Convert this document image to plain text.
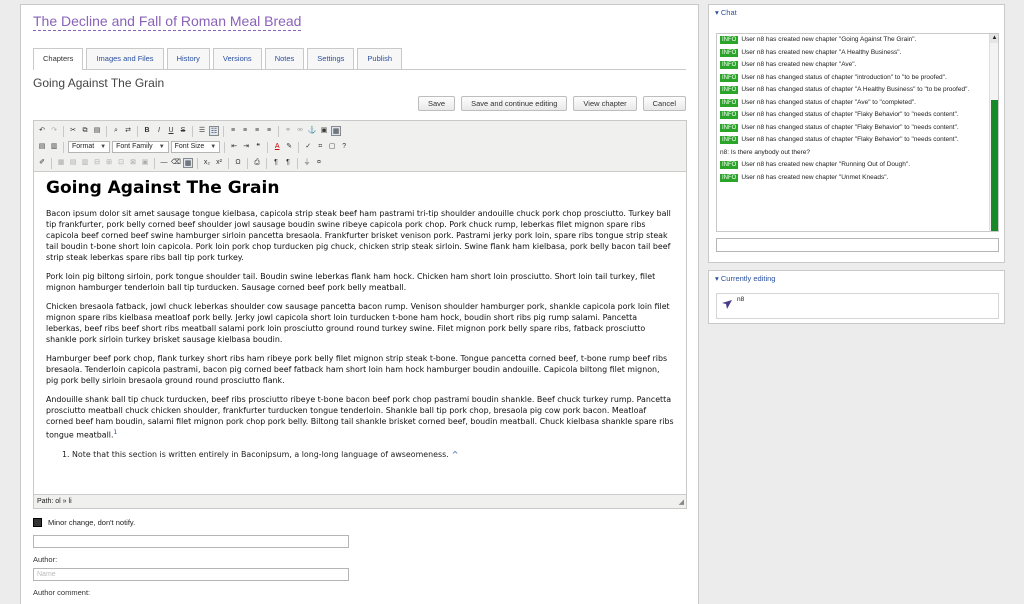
The Decline and Fall of Roman Meal Bread
Chapters	Images and Files	History	Versions	Notes	Settings	Publish
Going Against The Grain
Save	Save and continue editing	View chapter	Cancel
↶ ↷ ✂ ⧉ ▤	⌕	⇄	B	I	U	S	☰ ☷	≡	≡	≡	≡	⚭ ⚮ ⚓ ▣ ▦
▤ ▥ Format ▼ Font Family ▼ Font Size ▼ ⇤ ⇥	❝	A ✎ ✓	⌗ ▢ ?
✐ ▦ ▤ ▥ ⊟ ⊞ ⊡ ⊠ ▣ — ⌫ ▦ x₂ x²	Ω	⎙	¶	¶	⏚ ¤
Going Against The Grain

Bacon ipsum dolor sit amet sausage tongue kielbasa, capicola strip steak beef ham pastrami tri-tip shoulder andouille chuck pork chop prosciutto. Turkey ball tip frankfurter, pork belly corned beef shoulder jowl sausage boudin swine ribeye capicola pork chop. Pork chuck rump, leberkas filet mignon spare ribs capicola beef corned beef swine hamburger sirloin pancetta bresaola. Frankfurter brisket venison pork. Pastrami jerky pork loin, spare ribs tongue strip steak tail boudin t-bone short loin capicola. Pork loin pork chop turducken pig chuck, chicken strip steak sirloin. Swine flank ham kielbasa, pork belly bacon tail beef strip steak leberkas spare ribs ball tip pork turkey.

Pork loin pig biltong sirloin, pork tongue shoulder tail. Boudin swine leberkas flank ham hock. Chicken ham short loin prosciutto. Short loin tail turkey, filet mignon hamburger tenderloin ball tip turducken. Sausage corned beef pork belly meatball.

Chicken bresaola fatback, jowl chuck leberkas shoulder cow sausage pancetta bacon rump. Venison shoulder hamburger pork, shankle capicola pork loin filet mignon spare ribs kielbasa meatloaf pork belly. Jerky jowl capicola short loin turducken t-bone ham hock, boudin short ribs pig rump salami. Pancetta leberkas, beef ribs beef short ribs meatball salami pork loin prosciutto ground round turkey swine. Filet mignon pork belly spare ribs, fatback prosciutto shankle pork sirloin turkey brisket sausage kielbasa boudin.

Hamburger beef pork chop, flank turkey short ribs ham ribeye pork belly filet mignon strip steak t-bone. Tongue pancetta corned beef, t-bone rump beef ribs bresaola. Tenderloin capicola pastrami, bacon pig corned beef fatback ham short loin ham hock hamburger boudin andouille. Capicola biltong filet mignon, pig pork belly sirloin bresaola ground round prosciutto flank.

Andouille shank ball tip chuck turducken, beef ribs prosciutto ribeye t-bone bacon beef pork chop pastrami boudin shankle. Beef chuck turkey rump. Pancetta prosciutto meatball chuck chicken shoulder, frankfurter turducken tongue tenderloin. Shankle ball tip pork chop, bresaola pig cow pork bacon. Meatloaf corned beef ham boudin, salami filet mignon pork chop pork belly. Biltong tail shankle brisket corned beef, boudin meatball. Chuck kielbasa shankle spare ribs tongue meatball.$^1$

1. Note that this section is written entirely in Baconipsum, a long-long language of awseomeness. ^
Path: ol » li	◢
Minor change, don't notify.
Author:
Name
Author comment:
▾ Chat
INFO User n8 has created new chapter "Going Against The Grain".
INFO User n8 has created new chapter "A Healthy Business".
INFO User n8 has created new chapter "Ave".
INFO User n8 has changed status of chapter "introduction" to "to be proofed".
INFO User n8 has changed status of chapter "A Healthy Business" to "to be proofed".
INFO User n8 has changed status of chapter "Ave" to "completed".
INFO User n8 has changed status of chapter "Flaky Behavior" to "needs content".
INFO User n8 has changed status of chapter "Flaky Behavior" to "needs content".
INFO User n8 has changed status of chapter "Flaky Behavior" to "needs content".
n8: Is there anybody out there?
INFO User n8 has created new chapter "Running Out of Dough".
INFO User n8 has created new chapter "Unmet Kneads".
▲
▾ Currently editing
n8
